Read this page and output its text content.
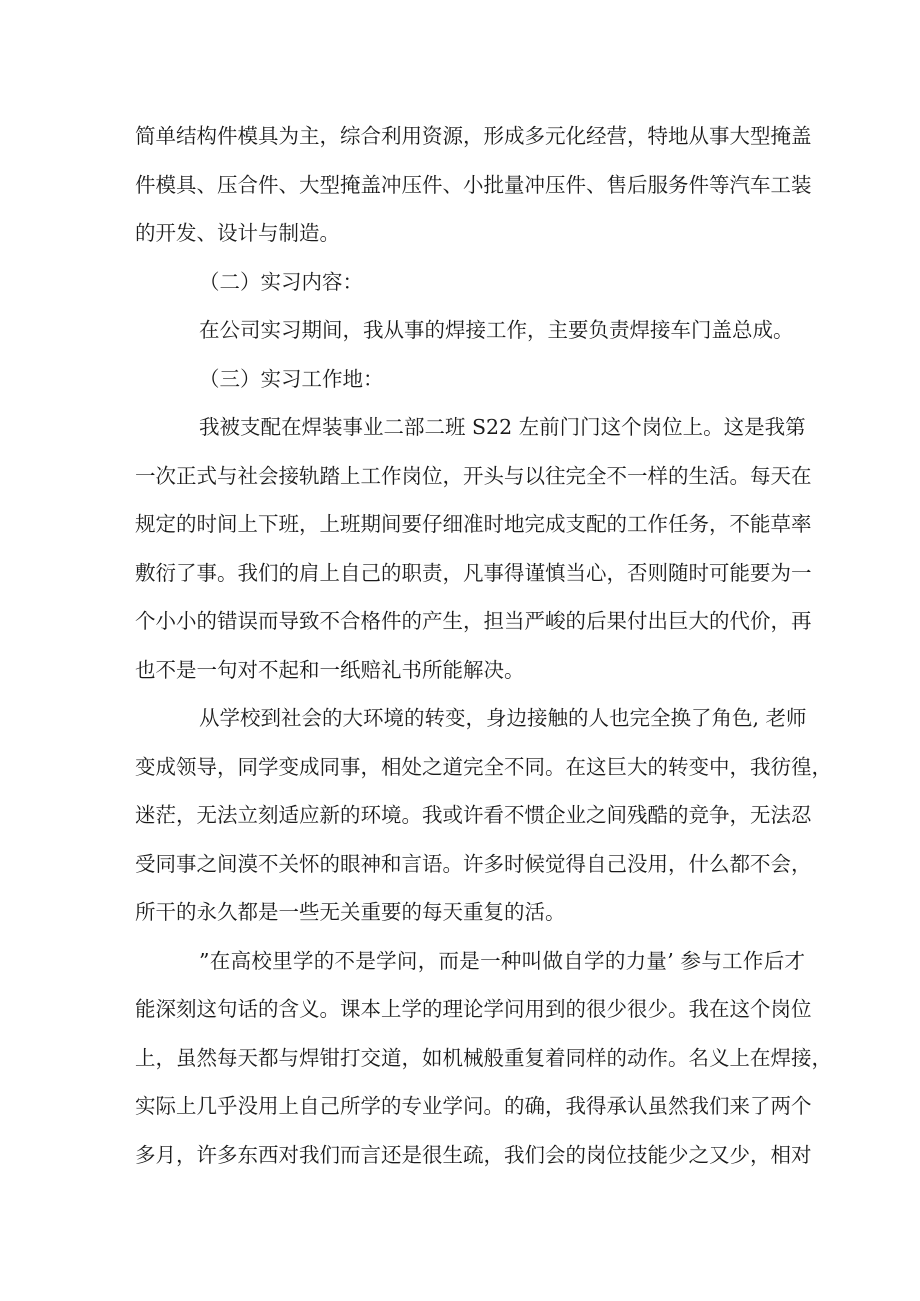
简单结构件模具为主，综合利用资源，形成多元化经营，特地从事大型掩盖
件模具、压合件、大型掩盖冲压件、小批量冲压件、售后服务件等汽车工装
的开发、设计与制造。
（二）实习内容：
在公司实习期间，我从事的焊接工作，主要负责焊接车门盖总成。
（三）实习工作地：
我被支配在焊装事业二部二班 S22 左前门门这个岗位上。这是我第
一次正式与社会接轨踏上工作岗位，开头与以往完全不一样的生活。每天在
规定的时间上下班，上班期间要仔细准时地完成支配的工作任务，不能草率
敷衍了事。我们的肩上自己的职责，凡事得谨慎当心，否则随时可能要为一
个小小的错误而导致不合格件的产生，担当严峻的后果付出巨大的代价，再
也不是一句对不起和一纸赔礼书所能解决。
从学校到社会的大环境的转变，身边接触的人也完全换了角色, 老师
变成领导，同学变成同事，相处之道完全不同。在这巨大的转变中，我彷徨，
迷茫，无法立刻适应新的环境。我或许看不惯企业之间残酷的竞争，无法忍
受同事之间漠不关怀的眼神和言语。许多时候觉得自己没用，什么都不会，
所干的永久都是一些无关重要的每天重复的活。
”在高校里学的不是学问，而是一种叫做自学的力量’ 参与工作后才
能深刻这句话的含义。课本上学的理论学问用到的很少很少。我在这个岗位
上，虽然每天都与焊钳打交道，如机械般重复着同样的动作。名义上在焊接，
实际上几乎没用上自己所学的专业学问。的确，我得承认虽然我们来了两个
多月，许多东西对我们而言还是很生疏，我们会的岗位技能少之又少，相对
